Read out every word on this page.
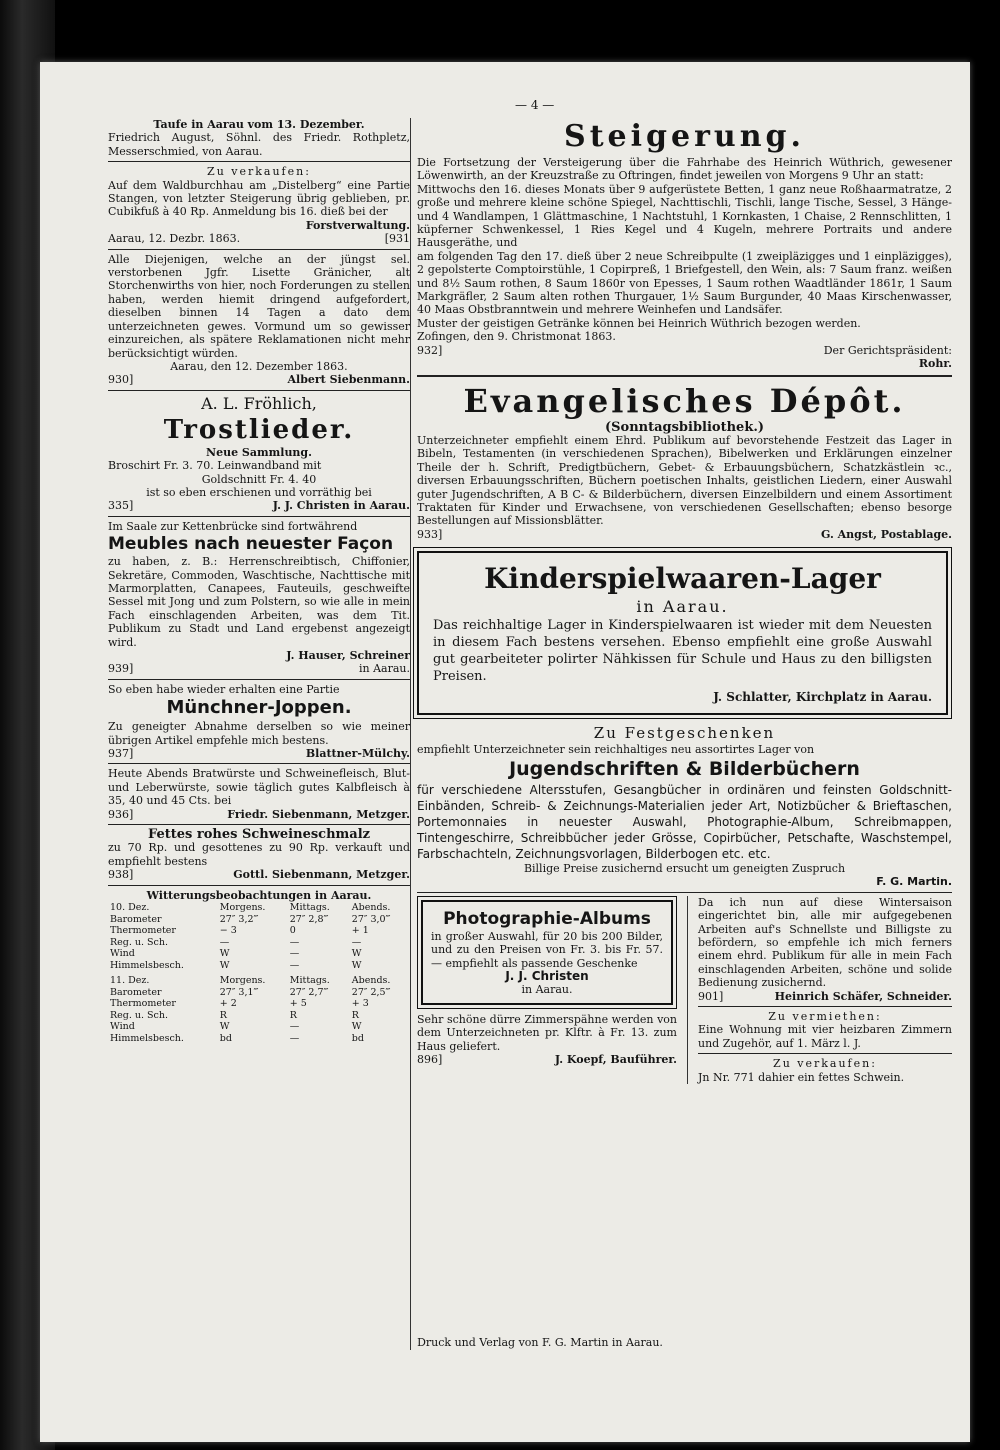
— 4 —

Taufe in Aarau vom 13. Dezember.

Friedrich August, Söhnl. des Friedr. Rothpletz, Messerschmied, von Aarau.

Zu verkaufen:

Auf dem Waldburchhau am „Distelberg“ eine Partie Stangen, von letzter Steigerung übrig geblieben, pr. Cubikfuß à 40 Rp. Anmeldung bis 16. dieß bei der

Forstverwaltung.

Aarau, 12. Dezbr. 1863.	[931

Alle Diejenigen, welche an der jüngst sel. verstorbenen Jgfr. Lisette Gränicher, alt Storchenwirths von hier, noch Forderungen zu stellen haben, werden hiemit dringend aufgefordert, dieselben binnen 14 Tagen a dato dem unterzeichneten gewes. Vormund um so gewisser einzureichen, als spätere Reklamationen nicht mehr berücksichtigt würden.

Aarau, den 12. Dezember 1863.

930]	Albert Siebenmann.

A. L. Fröhlich,

Trostlieder.

Neue Sammlung.

Broschirt Fr. 3. 70. Leinwandband mit

Goldschnitt Fr. 4. 40

ist so eben erschienen und vorräthig bei

335]	J. J. Christen in Aarau.

Im Saale zur Kettenbrücke sind fortwährend

Meubles nach neuester Façon

zu haben, z. B.: Herrenschreibtisch, Chiffonier, Sekretäre, Commoden, Waschtische, Nachttische mit Marmorplatten, Canapees, Fauteuils, geschweifte Sessel mit Jong und zum Polstern, so wie alle in mein Fach einschlagenden Arbeiten, was dem Tit. Publikum zu Stadt und Land ergebenst angezeigt wird.

J. Hauser, Schreiner

939]	in Aarau.

So eben habe wieder erhalten eine Partie

Münchner-Joppen.

Zu geneigter Abnahme derselben so wie meiner übrigen Artikel empfehle mich bestens.

937]	Blattner-Mülchy.

Heute Abends Bratwürste und Schweinefleisch, Blut- und Leberwürste, sowie täglich gutes Kalbfleisch à 35, 40 und 45 Cts. bei

936]	Friedr. Siebenmann, Metzger.

Fettes rohes Schweineschmalz

zu 70 Rp. und gesottenes zu 90 Rp. verkauft und empfiehlt bestens

938]	Gottl. Siebenmann, Metzger.

Witterungsbeobachtungen in Aarau.

10. Dez.	Morgens.	Mittags.	Abends.
Barometer	27″ 3,2‴	27″ 2,8‴	27″ 3,0‴
Thermometer	− 3	0	+ 1
Reg. u. Sch.	—	—	—
Wind	W	—	W
Himmelsbesch.	W	—	W
11. Dez.	Morgens.	Mittags.	Abends.
Barometer	27″ 3,1‴	27″ 2,7‴	27″ 2,5‴
Thermometer	+ 2	+ 5	+ 3
Reg. u. Sch.	R	R	R
Wind	W	—	W
Himmelsbesch.	bd	—	bd

Steigerung.

Die Fortsetzung der Versteigerung über die Fahrhabe des Heinrich Wüthrich, gewesener Löwenwirth, an der Kreuzstraße zu Oftringen, findet jeweilen von Morgens 9 Uhr an statt:

Mittwochs den 16. dieses Monats über 9 aufgerüstete Betten, 1 ganz neue Roßhaarmatratze, 2 große und mehrere kleine schöne Spiegel, Nachttischli, Tischli, lange Tische, Sessel, 3 Hänge- und 4 Wandlampen, 1 Glättmaschine, 1 Nachtstuhl, 1 Kornkasten, 1 Chaise, 2 Rennschlitten, 1 küpferner Schwenkessel, 1 Ries Kegel und 4 Kugeln, mehrere Portraits und andere Hausgeräthe, und

am folgenden Tag den 17. dieß über 2 neue Schreibpulte (1 zweipläzigges und 1 einpläzigges), 2 gepolsterte Comptoirstühle, 1 Copirpreß, 1 Briefgestell, den Wein, als: 7 Saum franz. weißen und 8½ Saum rothen, 8 Saum 1860r von Epesses, 1 Saum rothen Waadtländer 1861r, 1 Saum Markgräfler, 2 Saum alten rothen Thurgauer, 1½ Saum Burgunder, 40 Maas Kirschenwasser, 40 Maas Obstbranntwein und mehrere Weinhefen und Landsäfer.

Muster der geistigen Getränke können bei Heinrich Wüthrich bezogen werden.

Zofingen, den 9. Christmonat 1863.

932]	Der Gerichtspräsident:

Rohr.

Evangelisches Dépôt.

(Sonntagsbibliothek.)

Unterzeichneter empfiehlt einem Ehrd. Publikum auf bevorstehende Festzeit das Lager in Bibeln, Testamenten (in verschiedenen Sprachen), Bibelwerken und Erklärungen einzelner Theile der h. Schrift, Predigtbüchern, Gebet- & Erbauungsbüchern, Schatzkästlein ꝛc., diversen Erbauungsschriften, Büchern poetischen Inhalts, geistlichen Liedern, einer Auswahl guter Jugendschriften, A B C- & Bilderbüchern, diversen Einzelbildern und einem Assortiment Traktaten für Kinder und Erwachsene, von verschiedenen Gesellschaften; ebenso besorge Bestellungen auf Missionsblätter.

933]	G. Angst, Postablage.

Kinderspielwaaren-Lager

in Aarau.

Das reichhaltige Lager in Kinderspielwaaren ist wieder mit dem Neuesten in diesem Fach bestens versehen. Ebenso empfiehlt eine große Auswahl gut gearbeiteter polirter Nähkissen für Schule und Haus zu den billigsten Preisen.

J. Schlatter, Kirchplatz in Aarau.

Zu Festgeschenken

empfiehlt Unterzeichneter sein reichhaltiges neu assortirtes Lager von

Jugendschriften & Bilderbüchern

für verschiedene Altersstufen, Gesangbücher in ordinären und feinsten Goldschnitt-Einbänden, Schreib- & Zeichnungs-Materialien jeder Art, Notizbücher & Brieftaschen, Portemonnaies in neuester Auswahl, Photographie-Album, Schreibmappen, Tintengeschirre, Schreibbücher jeder Grösse, Copirbücher, Petschafte, Waschstempel, Farbschachteln, Zeichnungsvorlagen, Bilderbogen etc. etc.

Billige Preise zusichernd ersucht um geneigten Zuspruch

F. G. Martin.

Photographie-Albums

in großer Auswahl, für 20 bis 200 Bilder, und zu den Preisen von Fr. 3. bis Fr. 57. — empfiehlt als passende Geschenke

J. J. Christen

in Aarau.

Sehr schöne dürre Zimmerspähne werden von dem Unterzeichneten pr. Klftr. à Fr. 13. zum Haus geliefert.

896]	J. Koepf, Bauführer.

Da ich nun auf diese Wintersaison eingerichtet bin, alle mir aufgegebenen Arbeiten auf's Schnellste und Billigste zu befördern, so empfehle ich mich ferners einem ehrd. Publikum für alle in mein Fach einschlagenden Arbeiten, schöne und solide Bedienung zusichernd.

901]	Heinrich Schäfer, Schneider.

Zu vermiethen:

Eine Wohnung mit vier heizbaren Zimmern und Zugehör, auf 1. März l. J.

Zu verkaufen:

Jn Nr. 771 dahier ein fettes Schwein.

Druck und Verlag von F. G. Martin in Aarau.
